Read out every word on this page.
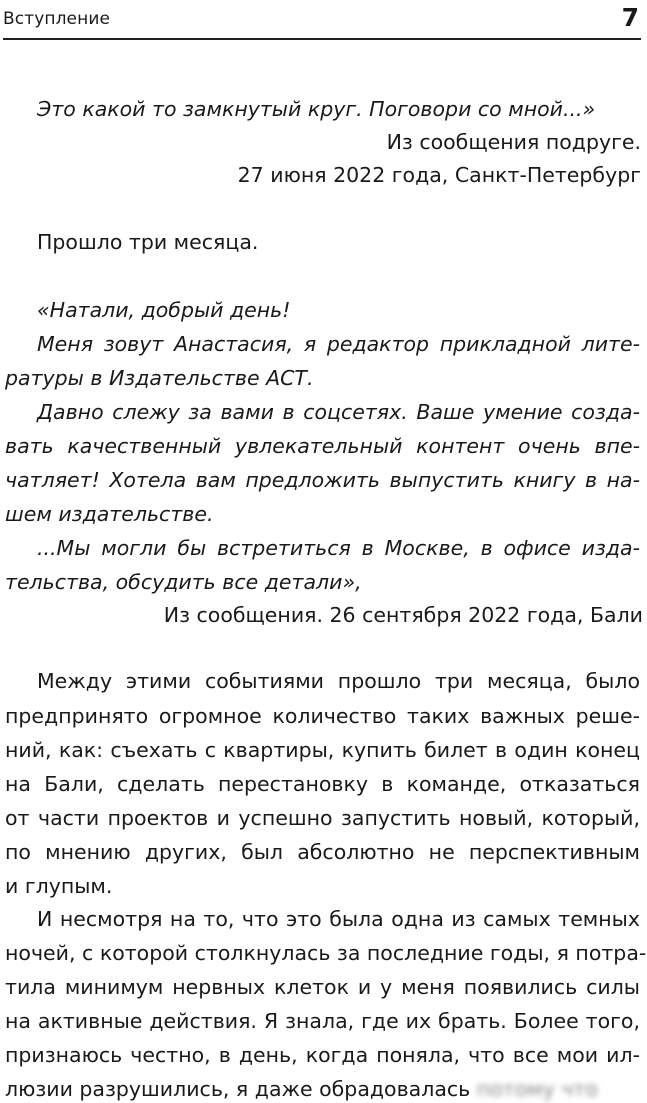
Вступление	7
Это какой то замкнутый круг. Поговори со мной...»
Из сообщения подруге.
27 июня 2022 года, Санкт-Петербург
Прошло три месяца.
«Натали, добрый день!
Меня зовут Анастасия, я редактор прикладной лите-
ратуры в Издательстве АСТ.
Давно слежу за вами в соцсетях. Ваше умение созда-
вать качественный увлекательный контент очень впе-
чатляет! Хотела вам предложить выпустить книгу в на-
шем издательстве.
...Мы могли бы встретиться в Москве, в офисе изда-
тельства, обсудить все детали»,
Из сообщения. 26 сентября 2022 года, Бали
Между этими событиями прошло три месяца, было
предпринято огромное количество таких важных реше-
ний, как: съехать с квартиры, купить билет в один конец
на Бали, сделать перестановку в команде, отказаться
от части проектов и успешно запустить новый, который,
по мнению других, был абсолютно не перспективным
и глупым.
И несмотря на то, что это была одна из самых темных
ночей, с которой столкнулась за последние годы, я потра-
тила минимум нервных клеток и у меня появились силы
на активные действия. Я знала, где их брать. Более того,
признаюсь честно, в день, когда поняла, что все мои ил-
люзии разрушились, я даже обрадовалась потому что
